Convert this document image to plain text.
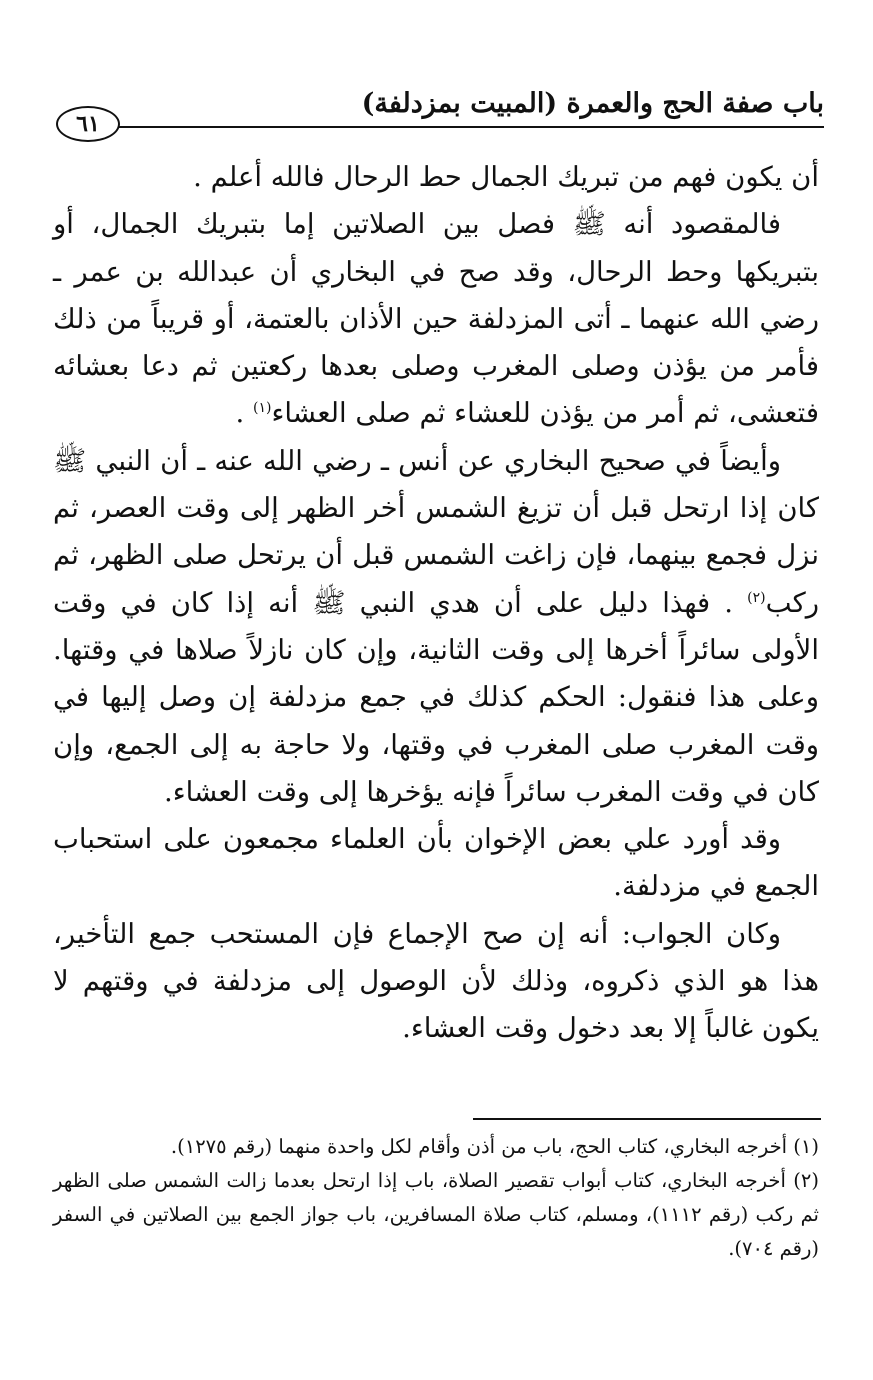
باب صفة الحج والعمرة (المبيت بمزدلفة)
٦١

أن يكون فهم من تبريك الجمال حط الرحال فالله أعلم .

فالمقصود أنه ﷺ فصل بين الصلاتين إما بتبريك الجمال، أو بتبريكها وحط الرحال، وقد صح في البخاري أن عبدالله بن عمر ـ رضي الله عنهما ـ أتى المزدلفة حين الأذان بالعتمة، أو قريباً من ذلك فأمر من يؤذن وصلى المغرب وصلى بعدها ركعتين ثم دعا بعشائه فتعشى، ثم أمر من يؤذن للعشاء ثم صلى العشاء$^{(١)}$ .

وأيضاً في صحيح البخاري عن أنس ـ رضي الله عنه ـ أن النبي ﷺ كان إذا ارتحل قبل أن تزيغ الشمس أخر الظهر إلى وقت العصر، ثم نزل فجمع بينهما، فإن زاغت الشمس قبل أن يرتحل صلى الظهر، ثم ركب$^{(٢)}$ . فهذا دليل على أن هدي النبي ﷺ أنه إذا كان في وقت الأولى سائراً أخرها إلى وقت الثانية، وإن كان نازلاً صلاها في وقتها. وعلى هذا فنقول: الحكم كذلك في جمع مزدلفة إن وصل إليها في وقت المغرب صلى المغرب في وقتها، ولا حاجة به إلى الجمع، وإن كان في وقت المغرب سائراً فإنه يؤخرها إلى وقت العشاء.

وقد أورد علي بعض الإخوان بأن العلماء مجمعون على استحباب الجمع في مزدلفة.

وكان الجواب: أنه إن صح الإجماع فإن المستحب جمع التأخير، هذا هو الذي ذكروه، وذلك لأن الوصول إلى مزدلفة في وقتهم لا يكون غالباً إلا بعد دخول وقت العشاء.

(١) أخرجه البخاري، كتاب الحج، باب من أذن وأقام لكل واحدة منهما (رقم ١٢٧٥).

(٢) أخرجه البخاري، كتاب أبواب تقصير الصلاة، باب إذا ارتحل بعدما زالت الشمس صلى الظهر ثم ركب (رقم ١١١٢)، ومسلم، كتاب صلاة المسافرين، باب جواز الجمع بين الصلاتين في السفر (رقم ٧٠٤).
